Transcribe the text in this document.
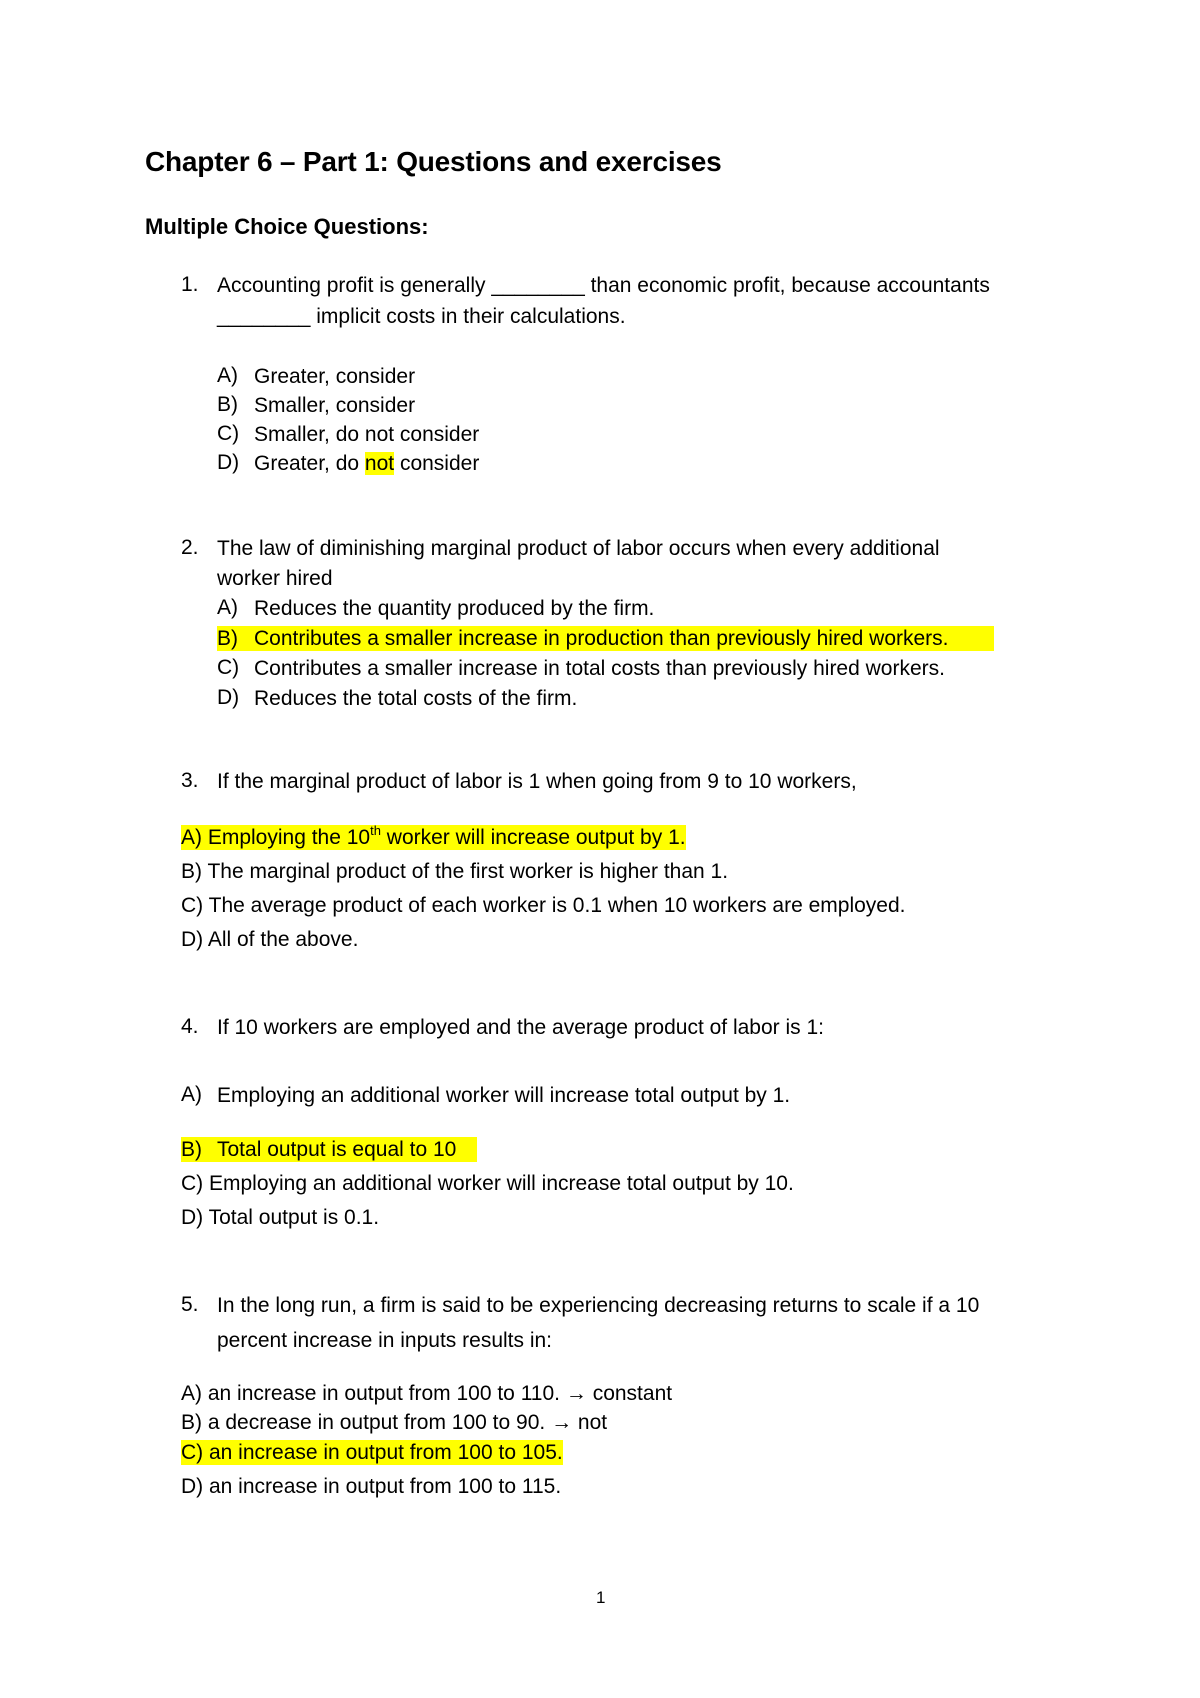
Chapter 6 – Part 1: Questions and exercises
Multiple Choice Questions:
1. Accounting profit is generally ________ than economic profit, because accountants
________ implicit costs in their calculations.
A) Greater, consider
B) Smaller, consider
C) Smaller, do not consider
D) Greater, do not consider
2. The law of diminishing marginal product of labor occurs when every additional
worker hired
A) Reduces the quantity produced by the firm.
B) Contributes a smaller increase in production than previously hired workers.
C) Contributes a smaller increase in total costs than previously hired workers.
D) Reduces the total costs of the firm.
3. If the marginal product of labor is 1 when going from 9 to 10 workers,
A) Employing the 10th worker will increase output by 1.
B) The marginal product of the first worker is higher than 1.
C) The average product of each worker is 0.1 when 10 workers are employed.
D) All of the above.
4. If 10 workers are employed and the average product of labor is 1:
A) Employing an additional worker will increase total output by 1.
B) Total output is equal to 10
C) Employing an additional worker will increase total output by 10.
D) Total output is 0.1.
5. In the long run, a firm is said to be experiencing decreasing returns to scale if a 10
percent increase in inputs results in:
A) an increase in output from 100 to 110. → constant
B) a decrease in output from 100 to 90. → not
C) an increase in output from 100 to 105.
D) an increase in output from 100 to 115.
1
